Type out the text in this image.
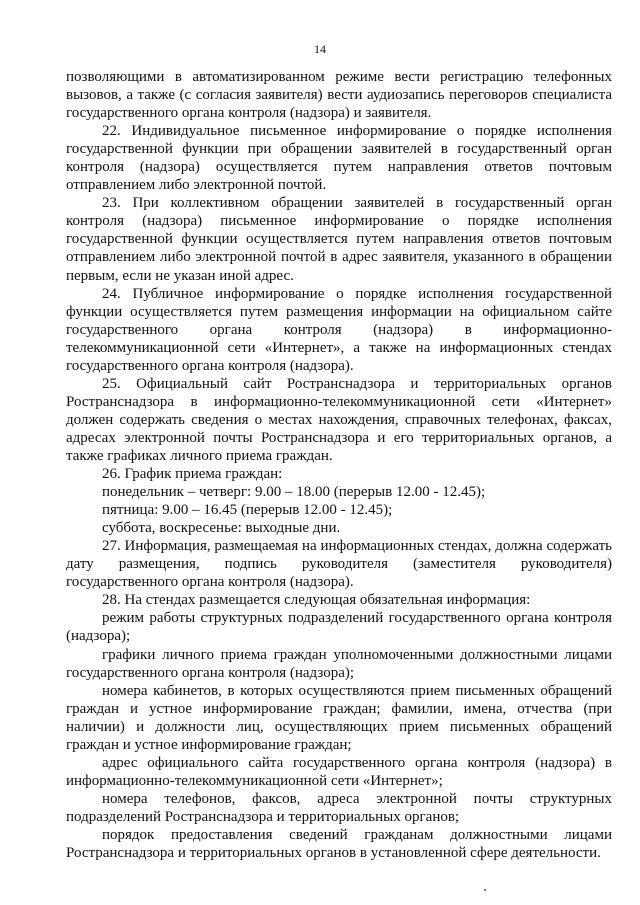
14

позволяющими в автоматизированном режиме вести регистрацию телефонных вызовов, а также (с согласия заявителя) вести аудиозапись переговоров специалиста государственного органа контроля (надзора) и заявителя.

22. Индивидуальное письменное информирование о порядке исполнения государственной функции при обращении заявителей в государственный орган контроля (надзора) осуществляется путем направления ответов почтовым отправлением либо электронной почтой.

23. При коллективном обращении заявителей в государственный орган контроля (надзора) письменное информирование о порядке исполнения государственной функции осуществляется путем направления ответов почтовым отправлением либо электронной почтой в адрес заявителя, указанного в обращении первым, если не указан иной адрес.

24. Публичное информирование о порядке исполнения государственной функции осуществляется путем размещения информации на официальном сайте государственного органа контроля (надзора) в информационно-телекоммуникационной сети «Интернет», а также на информационных стендах государственного органа контроля (надзора).

25. Официальный сайт Ространснадзора и территориальных органов Ространснадзора в информационно-телекоммуникационной сети «Интернет» должен содержать сведения о местах нахождения, справочных телефонах, факсах, адресах электронной почты Ространснадзора и его территориальных органов, а также графиках личного приема граждан.

26. График приема граждан:

понедельник – четверг: 9.00 – 18.00 (перерыв 12.00 - 12.45);

пятница: 9.00 – 16.45 (перерыв 12.00 - 12.45);

суббота, воскресенье: выходные дни.

27. Информация, размещаемая на информационных стендах, должна содержать дату размещения, подпись руководителя (заместителя руководителя) государственного органа контроля (надзора).

28. На стендах размещается следующая обязательная информация:

режим работы структурных подразделений государственного органа контроля (надзора);

графики личного приема граждан уполномоченными должностными лицами государственного органа контроля (надзора);

номера кабинетов, в которых осуществляются прием письменных обращений граждан и устное информирование граждан; фамилии, имена, отчества (при наличии) и должности лиц, осуществляющих прием письменных обращений граждан и устное информирование граждан;

адрес официального сайта государственного органа контроля (надзора) в информационно-телекоммуникационной сети «Интернет»;

номера телефонов, факсов, адреса электронной почты структурных подразделений Ространснадзора и территориальных органов;

порядок предоставления сведений гражданам должностными лицами Ространснадзора и территориальных органов в установленной сфере деятельности.
